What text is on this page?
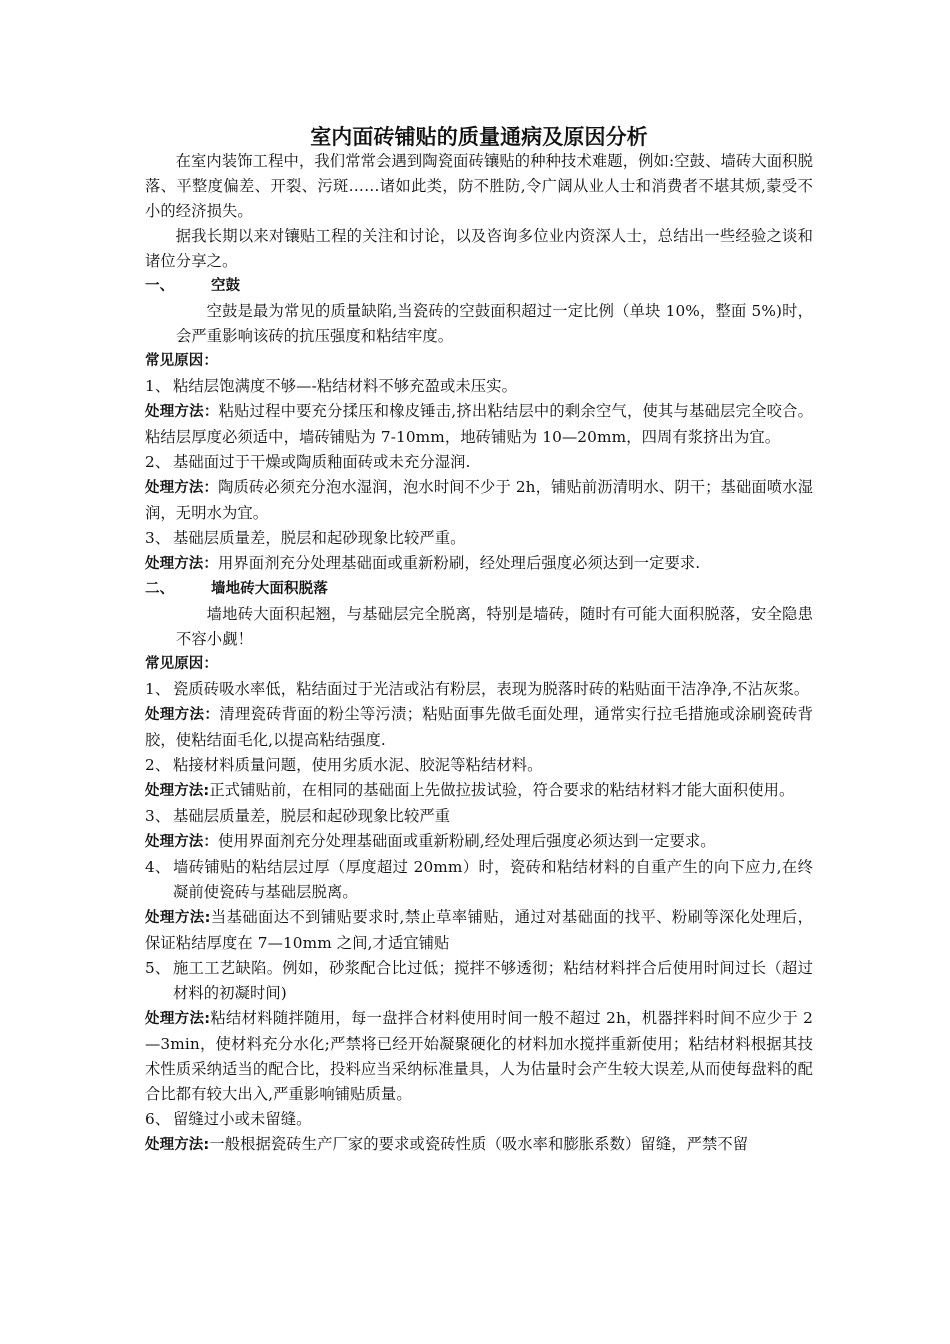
室内面砖铺贴的质量通病及原因分析

在室内装饰工程中，我们常常会遇到陶瓷面砖镶贴的种种技术难题，例如:空鼓、墙砖大面积脱落、平整度偏差、开裂、污斑……诸如此类，防不胜防,令广阔从业人士和消费者不堪其烦,蒙受不小的经济损失。

据我长期以来对镶贴工程的关注和讨论，以及咨询多位业内资深人士，总结出一些经验之谈和诸位分享之。

一、	空鼓

空鼓是最为常见的质量缺陷,当瓷砖的空鼓面积超过一定比例（单块 10%，整面 5%)时，会严重影响该砖的抗压强度和粘结牢度。

常见原因：
1、 粘结层饱满度不够—-粘结材料不够充盈或未压实。

处理方法：粘贴过程中要充分揉压和橡皮锤击,挤出粘结层中的剩余空气，使其与基础层完全咬合。粘结层厚度必须适中，墙砖铺贴为 7-10mm，地砖铺贴为 10—20mm，四周有浆挤出为宜。

2、 基础面过于干燥或陶质釉面砖或未充分湿润.

处理方法：陶质砖必须充分泡水湿润，泡水时间不少于 2h，铺贴前沥清明水、阴干；基础面喷水湿润，无明水为宜。

3、 基础层质量差，脱层和起砂现象比较严重。

处理方法：用界面剂充分处理基础面或重新粉刷，经处理后强度必须达到一定要求.

二、	墙地砖大面积脱落

墙地砖大面积起翘，与基础层完全脱离，特别是墙砖，随时有可能大面积脱落，安全隐患不容小觑！

常见原因：
1、 瓷质砖吸水率低，粘结面过于光洁或沾有粉层，表现为脱落时砖的粘贴面干洁净净,不沾灰浆。

处理方法：清理瓷砖背面的粉尘等污渍；粘贴面事先做毛面处理，通常实行拉毛措施或涂刷瓷砖背胶，使粘结面毛化,以提高粘结强度.

2、 粘接材料质量问题，使用劣质水泥、胶泥等粘结材料。

处理方法:正式铺贴前，在相同的基础面上先做拉拔试验，符合要求的粘结材料才能大面积使用。

3、 基础层质量差，脱层和起砂现象比较严重

处理方法：使用界面剂充分处理基础面或重新粉刷,经处理后强度必须达到一定要求。

4、 墙砖铺贴的粘结层过厚（厚度超过 20mm）时，瓷砖和粘结材料的自重产生的向下应力,在终凝前使瓷砖与基础层脱离。

处理方法:当基础面达不到铺贴要求时,禁止草率铺贴，通过对基础面的找平、粉刷等深化处理后，保证粘结厚度在 7—10mm 之间,才适宜铺贴

5、 施工工艺缺陷。例如，砂浆配合比过低；搅拌不够透彻；粘结材料拌合后使用时间过长（超过材料的初凝时间)

处理方法:粘结材料随拌随用，每一盘拌合材料使用时间一般不超过 2h，机器拌料时间不应少于 2—3min，使材料充分水化;严禁将已经开始凝聚硬化的材料加水搅拌重新使用；粘结材料根据其技术性质采纳适当的配合比，投料应当采纳标准量具，人为估量时会产生较大误差,从而使每盘料的配合比都有较大出入,严重影响铺贴质量。

6、 留缝过小或未留缝。

处理方法:一般根据瓷砖生产厂家的要求或瓷砖性质（吸水率和膨胀系数）留缝，严禁不留
